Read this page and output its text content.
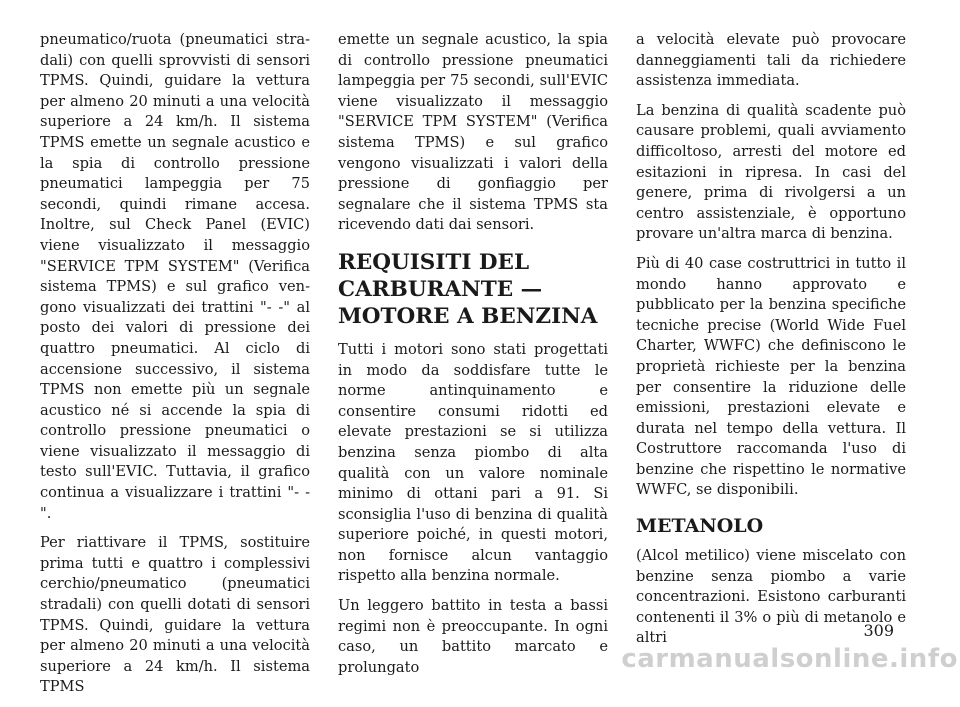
pneumatico/ruota (pneumatici stradali) con quelli sprovvisti di sensori TPMS. Quindi, guidare la vettura per almeno 20 minuti a una velocità superiore a 24 km/h. Il sistema TPMS emette un segnale acustico e la spia di controllo pressione pneumatici lampeggia per 75 secondi, quindi rimane accesa. Inoltre, sul Check Panel (EVIC) viene visualizzato il messaggio "SERVICE TPM SYSTEM" (Verifica sistema TPMS) e sul grafico vengono visualizzati dei trattini "- -" al posto dei valori di pressione dei quattro pneumatici. Al ciclo di accensione successivo, il sistema TPMS non emette più un segnale acustico né si accende la spia di controllo pressione pneumatici o viene visualizzato il messaggio di testo sull'EVIC. Tuttavia, il grafico continua a visualizzare i trattini "- -".

Per riattivare il TPMS, sostituire prima tutti e quattro i complessivi cerchio/pneumatico (pneumatici stradali) con quelli dotati di sensori TPMS. Quindi, guidare la vettura per almeno 20 minuti a una velocità superiore a 24 km/h. Il sistema TPMS

emette un segnale acustico, la spia di controllo pressione pneumatici lampeggia per 75 secondi, sull'EVIC viene visualizzato il messaggio "SERVICE TPM SYSTEM" (Verifica sistema TPMS) e sul grafico vengono visualizzati i valori della pressione di gonfiaggio per segnalare che il sistema TPMS sta ricevendo dati dai sensori.

REQUISITI DEL CARBURANTE — MOTORE A BENZINA

Tutti i motori sono stati progettati in modo da soddisfare tutte le norme antinquinamento e consentire consumi ridotti ed elevate prestazioni se si utilizza benzina senza piombo di alta qualità con un valore nominale minimo di ottani pari a 91. Si sconsiglia l'uso di benzina di qualità superiore poiché, in questi motori, non fornisce alcun vantaggio rispetto alla benzina normale.

Un leggero battito in testa a bassi regimi non è preoccupante. In ogni caso, un battito marcato e prolungato

a velocità elevate può provocare danneggiamenti tali da richiedere assistenza immediata.

La benzina di qualità scadente può causare problemi, quali avviamento difficoltoso, arresti del motore ed esitazioni in ripresa. In casi del genere, prima di rivolgersi a un centro assistenziale, è opportuno provare un'altra marca di benzina.

Più di 40 case costruttrici in tutto il mondo hanno approvato e pubblicato per la benzina specifiche tecniche precise (World Wide Fuel Charter, WWFC) che definiscono le proprietà richieste per la benzina per consentire la riduzione delle emissioni, prestazioni elevate e durata nel tempo della vettura. Il Costruttore raccomanda l'uso di benzine che rispettino le normative WWFC, se disponibili.

METANOLO

(Alcol metilico) viene miscelato con benzine senza piombo a varie concentrazioni. Esistono carburanti contenenti il 3% o più di metanolo e altri	309
carmanualsonline.info
